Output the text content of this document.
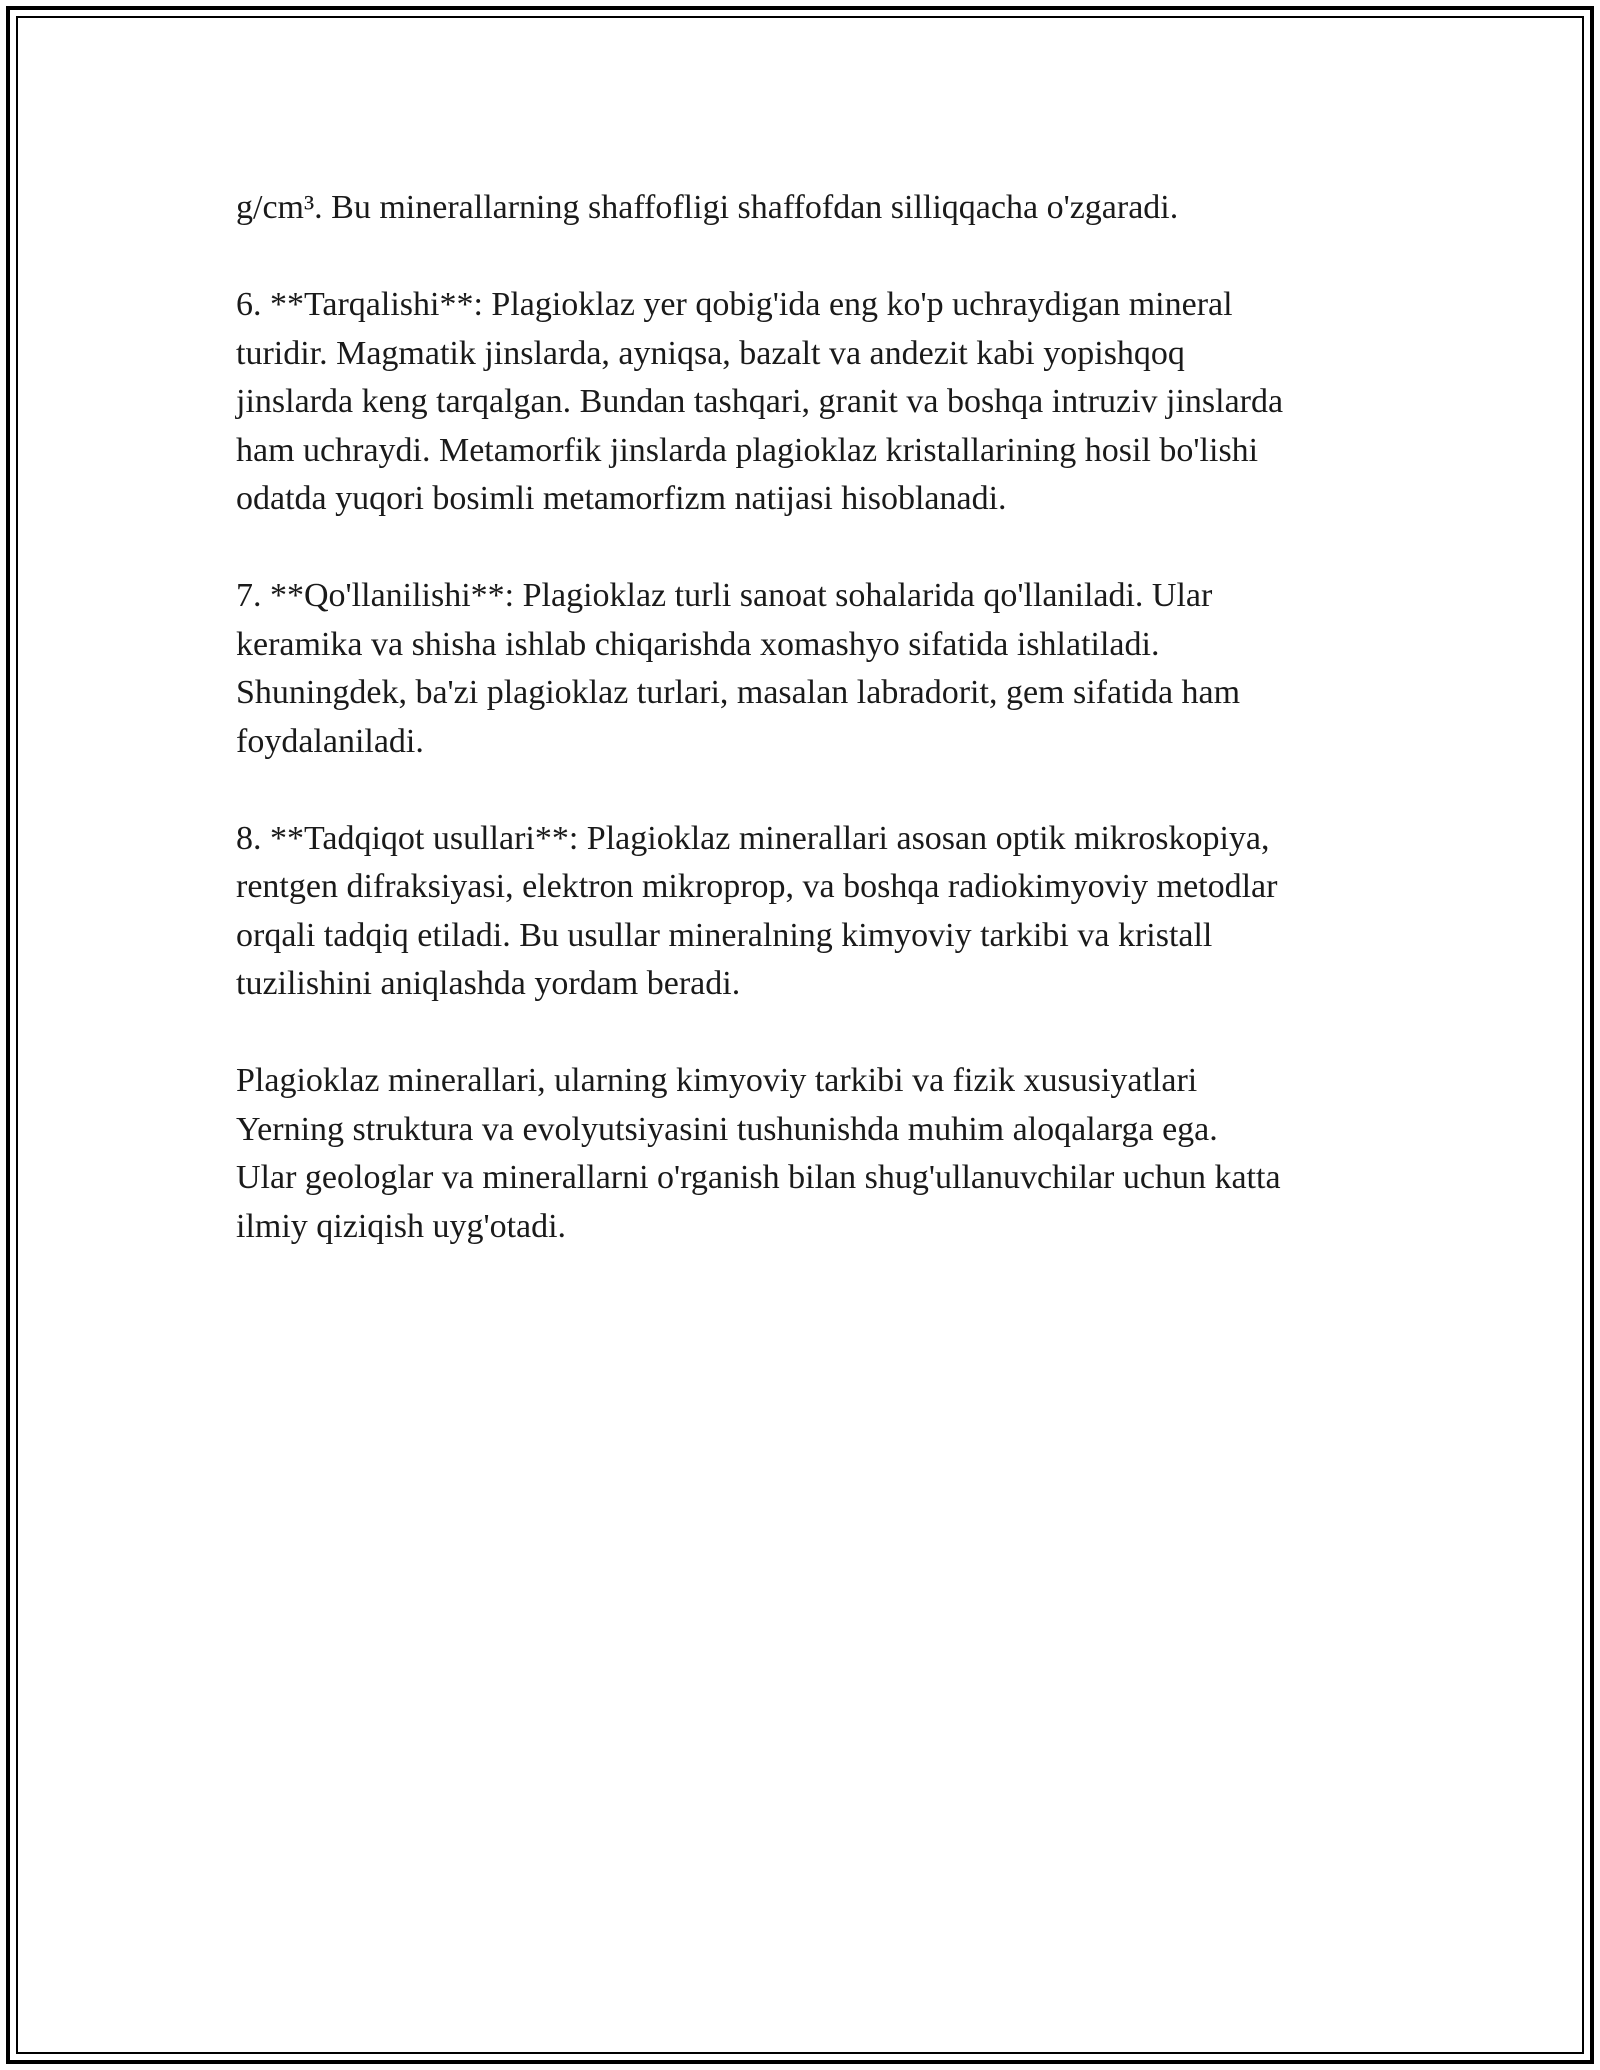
g/cm³. Bu minerallarning shaffofligi shaffofdan silliqqacha o'zgaradi.

6. **Tarqalishi**: Plagioklaz yer qobig'ida eng ko'p uchraydigan mineral
turidir. Magmatik jinslarda, ayniqsa, bazalt va andezit kabi yopishqoq
jinslarda keng tarqalgan. Bundan tashqari, granit va boshqa intruziv jinslarda
ham uchraydi. Metamorfik jinslarda plagioklaz kristallarining hosil bo'lishi
odatda yuqori bosimli metamorfizm natijasi hisoblanadi.

7. **Qo'llanilishi**: Plagioklaz turli sanoat sohalarida qo'llaniladi. Ular
keramika va shisha ishlab chiqarishda xomashyo sifatida ishlatiladi.
Shuningdek, ba'zi plagioklaz turlari, masalan labradorit, gem sifatida ham
foydalaniladi.

8. **Tadqiqot usullari**: Plagioklaz minerallari asosan optik mikroskopiya,
rentgen difraksiyasi, elektron mikroprop, va boshqa radiokimyoviy metodlar
orqali tadqiq etiladi. Bu usullar mineralning kimyoviy tarkibi va kristall
tuzilishini aniqlashda yordam beradi.

Plagioklaz minerallari, ularning kimyoviy tarkibi va fizik xususiyatlari
Yerning struktura va evolyutsiyasini tushunishda muhim aloqalarga ega.
Ular geologlar va minerallarni o'rganish bilan shug'ullanuvchilar uchun katta
ilmiy qiziqish uyg'otadi.
